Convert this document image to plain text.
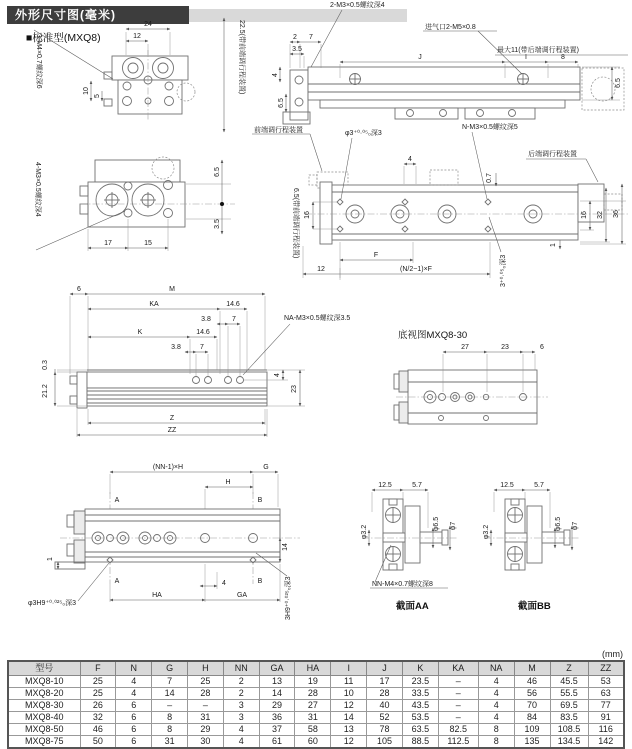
外形尺寸图(毫米)
■标准型(MXQ8)
24
12
10
5
3-M4×0.7螺纹深6	22.5(带前端调行程装置)
2-M3×0.5螺纹深4
进气口2-M5×0.8
2 7
3.5
4
6.5
J	I	8
最大11(带后端调行程装置)
6.5
17	15
6.5
3.5
4-M3×0.5螺纹深4
φ3⁺⁰·⁰⁵₀深3
N-M3×0.5螺纹深5
后端调行程装置
前端调行程装置
6.5(带前端调行程装置)
3⁺⁰·⁰⁵₀深3
4
0.7
16	16 32 36
1
F
12	(N/2−1)×F
6	M
KA	14.6
3.8	7
K	14.6
3.8	7
0.3
21.2
4
23
Z
ZZ
NA-M3×0.5螺纹深3.5
底视图MXQ8-30
27	23	6
(NN-1)×H	G
H
A	B
A	B
14
1
4
HA	GA
φ3H9⁺⁰·⁰²⁵₀深3	3H9⁺⁰·⁰²⁵₀深3
12.5	5.7
φ3.2
φ6.5 φ7
NN-M4×0.7螺纹深8
截面AA
12.5	5.7
φ3.2
φ6.5 φ7
截面BB
(mm)
型号	F	N	G	H	NN	GA	HA	I	J	K	KA	NA	M	Z	ZZ
MXQ8-10	25	4	7	25	2	13	19	11	17	23.5	–	4	46	45.5	53
MXQ8-20	25	4	14	28	2	14	28	10	28	33.5	–	4	56	55.5	63
MXQ8-30	26	6	–	–	3	29	27	12	40	43.5	–	4	70	69.5	77
MXQ8-40	32	6	8	31	3	36	31	14	52	53.5	–	4	84	83.5	91
MXQ8-50	46	6	8	29	4	37	58	13	78	63.5	82.5	8	109	108.5	116
MXQ8-75	50	6	31	30	4	61	60	12	105	88.5	112.5	8	135	134.5	142
